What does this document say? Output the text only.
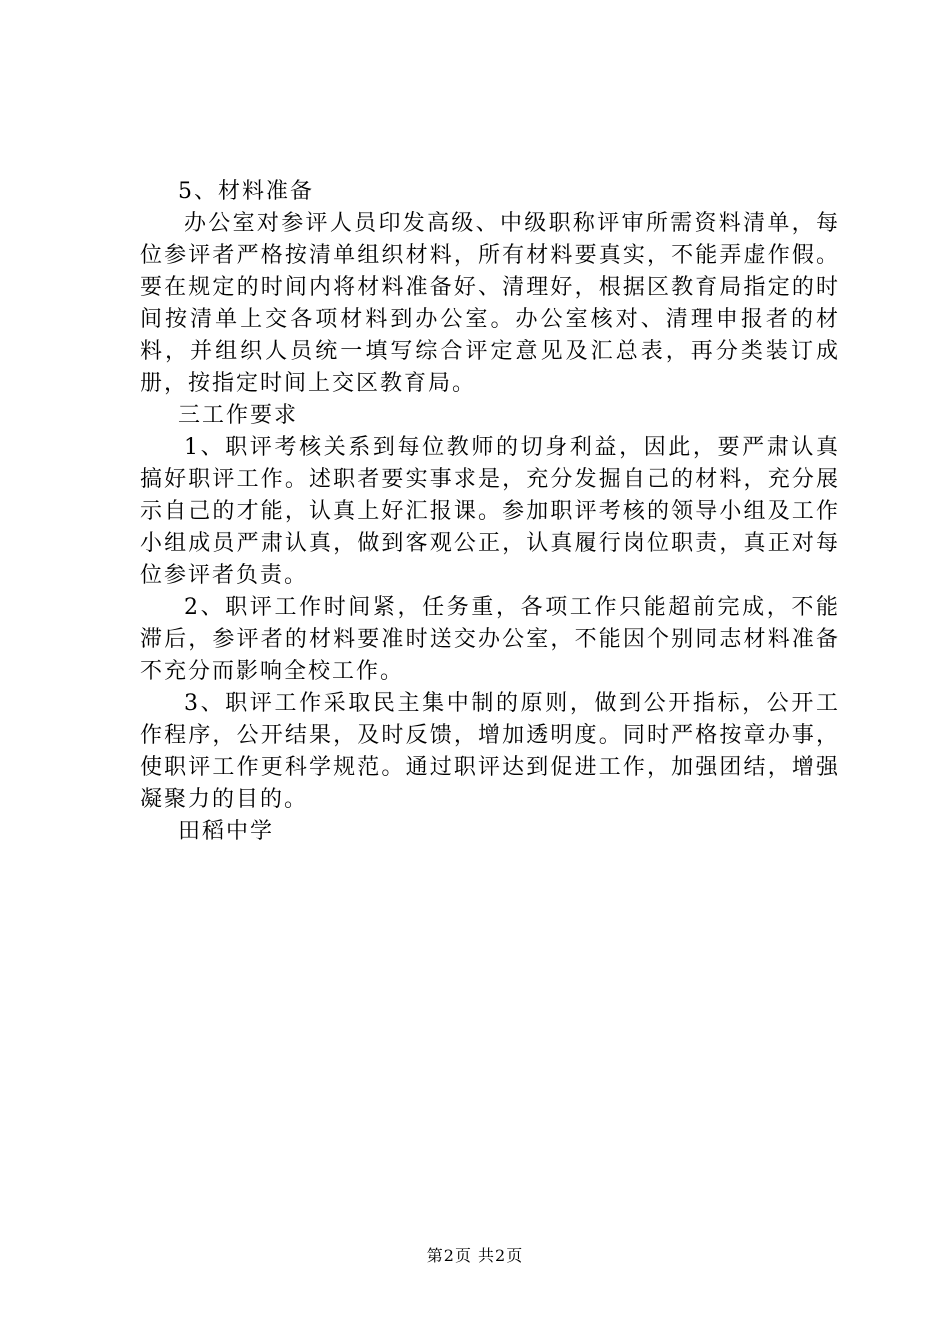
5、材料准备

办公室对参评人员印发高级、中级职称评审所需资料清单，每位参评者严格按清单组织材料，所有材料要真实，不能弄虚作假。要在规定的时间内将材料准备好、清理好，根据区教育局指定的时间按清单上交各项材料到办公室。办公室核对、清理申报者的材料，并组织人员统一填写综合评定意见及汇总表，再分类装订成册，按指定时间上交区教育局。

三工作要求

1、职评考核关系到每位教师的切身利益，因此，要严肃认真搞好职评工作。述职者要实事求是，充分发掘自己的材料，充分展示自己的才能，认真上好汇报课。参加职评考核的领导小组及工作小组成员严肃认真，做到客观公正，认真履行岗位职责，真正对每位参评者负责。

2、职评工作时间紧，任务重，各项工作只能超前完成，不能滞后，参评者的材料要准时送交办公室，不能因个别同志材料准备不充分而影响全校工作。

3、职评工作采取民主集中制的原则，做到公开指标，公开工作程序，公开结果，及时反馈，增加透明度。同时严格按章办事，使职评工作更科学规范。通过职评达到促进工作，加强团结，增强凝聚力的目的。

田稻中学

第2页 共2页
